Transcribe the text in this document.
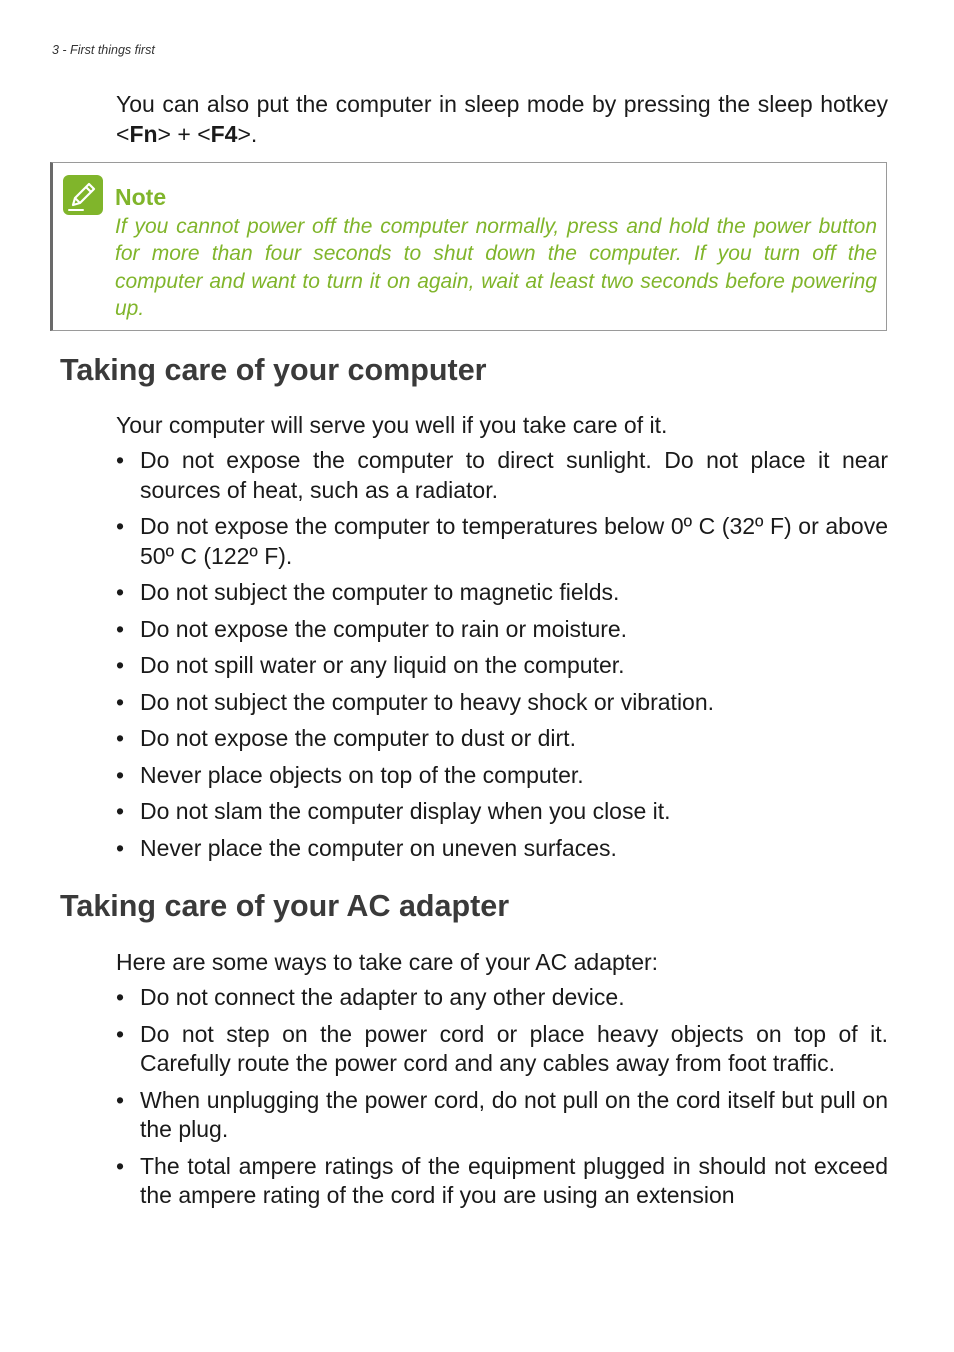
3 - First things first

You can also put the computer in sleep mode by pressing the sleep hotkey <Fn> + <F4>.

Note

If you cannot power off the computer normally, press and hold the power button for more than four seconds to shut down the computer. If you turn off the computer and want to turn it on again, wait at least two seconds before powering up.

Taking care of your computer

Your computer will serve you well if you take care of it.

• Do not expose the computer to direct sunlight. Do not place it near sources of heat, such as a radiator.
• Do not expose the computer to temperatures below 0º C (32º F) or above 50º C (122º F).
• Do not subject the computer to magnetic fields.
• Do not expose the computer to rain or moisture.
• Do not spill water or any liquid on the computer.
• Do not subject the computer to heavy shock or vibration.
• Do not expose the computer to dust or dirt.
• Never place objects on top of the computer.
• Do not slam the computer display when you close it.
• Never place the computer on uneven surfaces.
Taking care of your AC adapter

Here are some ways to take care of your AC adapter:

• Do not connect the adapter to any other device.
• Do not step on the power cord or place heavy objects on top of it. Carefully route the power cord and any cables away from foot traffic.
• When unplugging the power cord, do not pull on the cord itself but pull on the plug.
• The total ampere ratings of the equipment plugged in should not exceed the ampere rating of the cord if you are using an extension
